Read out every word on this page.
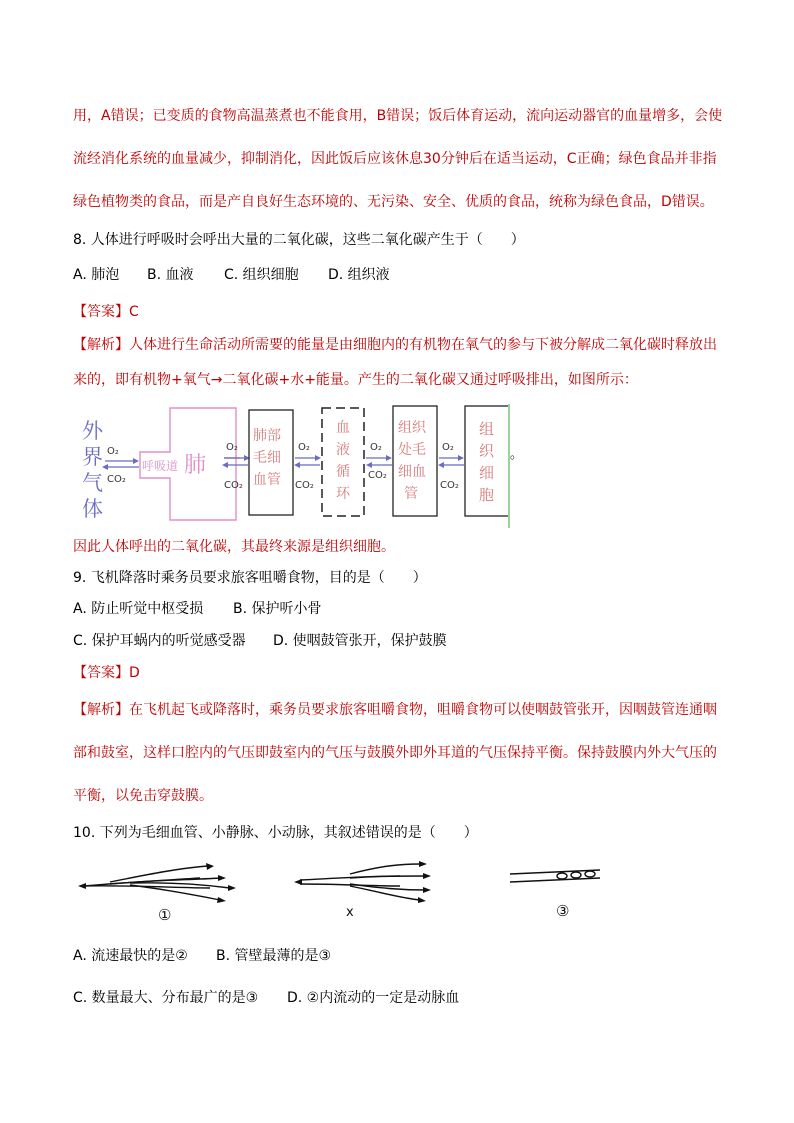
用，A错误；已变质的食物高温蒸煮也不能食用，B错误；饭后体育运动，流向运动器官的血量增多，会使
流经消化系统的血量减少，抑制消化，因此饭后应该休息30分钟后在适当运动，C正确；绿色食品并非指
绿色植物类的食品，而是产自良好生态环境的、无污染、安全、优质的食品，统称为绿色食品，D错误。
8. 人体进行呼吸时会呼出大量的二氧化碳，这些二氧化碳产生于（　　）
A. 肺泡 B. 血液 C. 组织细胞 D. 组织液
【答案】C
【解析】人体进行生命活动所需要的能量是由细胞内的有机物在氧气的参与下被分解成二氧化碳时释放出
来的，即有机物+氧气→二氧化碳+水+能量。产生的二氧化碳又通过呼吸排出，如图所示：
外
界
气
体
O₂
CO₂
呼吸道 肺
O₂
CO₂
肺部
毛细
血管
O₂
CO₂
血
液
循
环
O₂
CO₂
组织
处毛
细血
管
O₂
CO₂
组
织
细
胞
。
因此人体呼出的二氧化碳，其最终来源是组织细胞。
9. 飞机降落时乘务员要求旅客咀嚼食物，目的是（　　）
A. 防止听觉中枢受损 B. 保护听小骨
C. 保护耳蜗内的听觉感受器 D. 使咽鼓管张开，保护鼓膜
【答案】D
【解析】在飞机起飞或降落时，乘务员要求旅客咀嚼食物，咀嚼食物可以使咽鼓管张开，因咽鼓管连通咽
部和鼓室，这样口腔内的气压即鼓室内的气压与鼓膜外即外耳道的气压保持平衡。保持鼓膜内外大气压的
平衡，以免击穿鼓膜。
10. 下列为毛细血管、小静脉、小动脉，其叙述错误的是（　　）
①	ⅹ	③
A. 流速最快的是② B. 管壁最薄的是③
C. 数量最大、分布最广的是③ D. ②内流动的一定是动脉血
